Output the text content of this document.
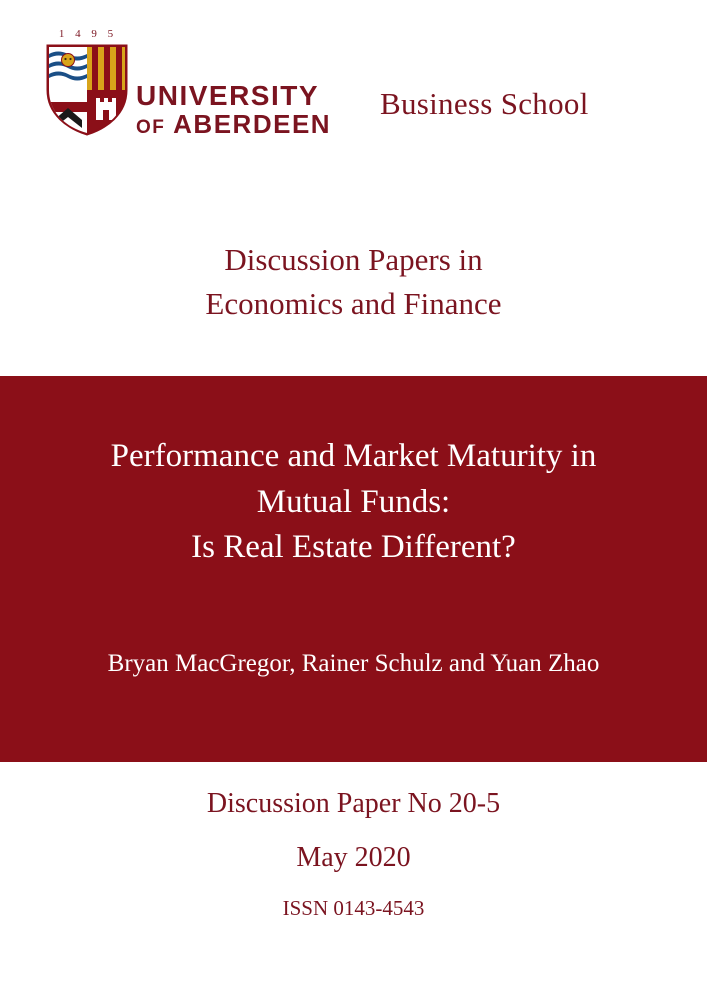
1 4 9 5
UNIVERSITY
OF ABERDEEN
Business School
Discussion Papers in
Economics and Finance
Performance and Market Maturity in
Mutual Funds:
Is Real Estate Different?
Bryan MacGregor, Rainer Schulz and Yuan Zhao
Discussion Paper No 20-5
May 2020
ISSN 0143-4543
